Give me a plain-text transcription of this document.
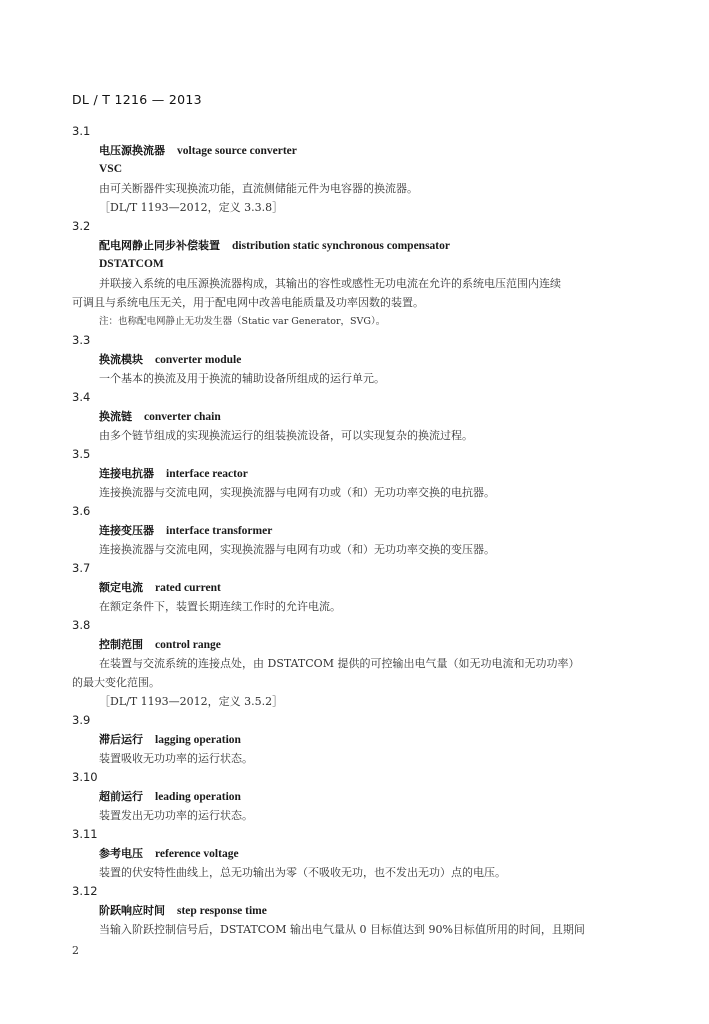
DL / T 1216 — 2013
3.1
电压源换流器 voltage source converter
VSC
由可关断器件实现换流功能，直流侧储能元件为电容器的换流器。
［DL/T 1193—2012，定义 3.3.8］
3.2
配电网静止同步补偿装置 distribution static synchronous compensator
DSTATCOM
并联接入系统的电压源换流器构成，其输出的容性或感性无功电流在允许的系统电压范围内连续
可调且与系统电压无关，用于配电网中改善电能质量及功率因数的装置。
注：也称配电网静止无功发生器（Static var Generator，SVG）。
3.3
换流模块 converter module
一个基本的换流及用于换流的辅助设备所组成的运行单元。
3.4
换流链 converter chain
由多个链节组成的实现换流运行的组装换流设备，可以实现复杂的换流过程。
3.5
连接电抗器 interface reactor
连接换流器与交流电网，实现换流器与电网有功或（和）无功功率交换的电抗器。
3.6
连接变压器 interface transformer
连接换流器与交流电网，实现换流器与电网有功或（和）无功功率交换的变压器。
3.7
额定电流 rated current
在额定条件下，装置长期连续工作时的允许电流。
3.8
控制范围 control range
在装置与交流系统的连接点处，由 DSTATCOM 提供的可控输出电气量（如无功电流和无功功率）
的最大变化范围。
［DL/T 1193—2012，定义 3.5.2］
3.9
滞后运行 lagging operation
装置吸收无功功率的运行状态。
3.10
超前运行 leading operation
装置发出无功功率的运行状态。
3.11
参考电压 reference voltage
装置的伏安特性曲线上，总无功输出为零（不吸收无功，也不发出无功）点的电压。
3.12
阶跃响应时间 step response time
当输入阶跃控制信号后，DSTATCOM 输出电气量从 0 目标值达到 90%目标值所用的时间，且期间
2
